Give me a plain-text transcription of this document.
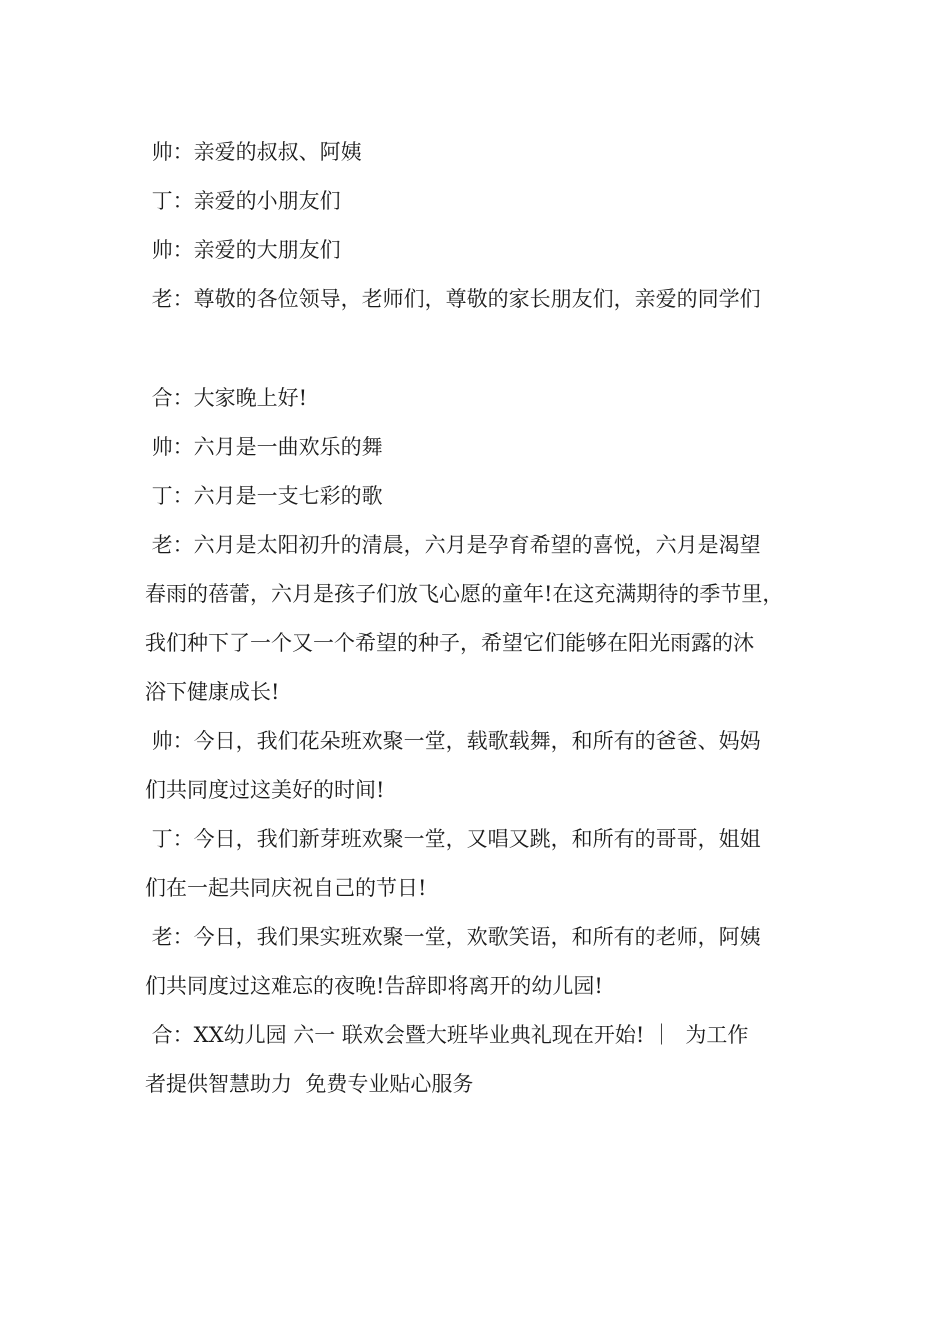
帅：亲爱的叔叔、阿姨
丁：亲爱的小朋友们
帅：亲爱的大朋友们
老：尊敬的各位领导，老师们，尊敬的家长朋友们，亲爱的同学们
合：大家晚上好!
帅：六月是一曲欢乐的舞
丁：六月是一支七彩的歌
老：六月是太阳初升的清晨，六月是孕育希望的喜悦，六月是渴望
春雨的蓓蕾，六月是孩子们放飞心愿的童年!在这充满期待的季节里，
我们种下了一个又一个希望的种子，希望它们能够在阳光雨露的沐
浴下健康成长!
帅：今日，我们花朵班欢聚一堂，载歌载舞，和所有的爸爸、妈妈
们共同度过这美好的时间!
丁：今日，我们新芽班欢聚一堂，又唱又跳，和所有的哥哥，姐姐
们在一起共同庆祝自己的节日!
老：今日，我们果实班欢聚一堂，欢歌笑语，和所有的老师，阿姨
们共同度过这难忘的夜晚!告辞即将离开的幼儿园!
合：XX幼儿园 六一 联欢会暨大班毕业典礼现在开始! ｜  为工作
者提供智慧助力  免费专业贴心服务
